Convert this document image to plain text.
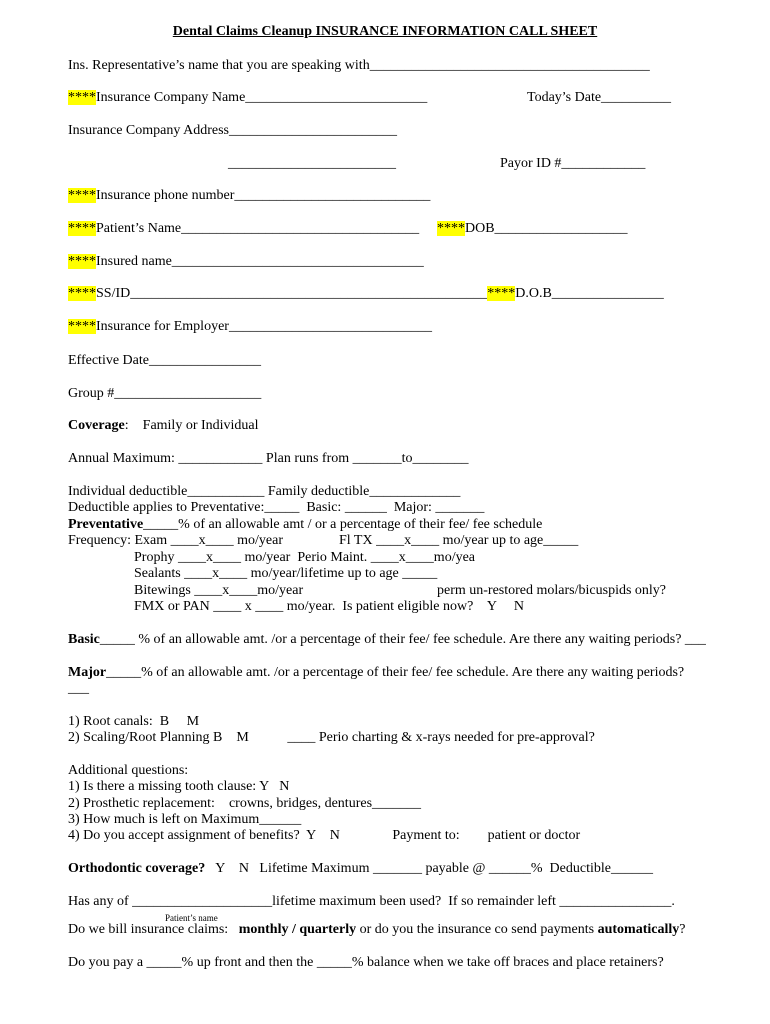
Dental Claims Cleanup INSURANCE INFORMATION CALL SHEET
Ins. Representative’s name that you are speaking with________________________________________
****Insurance Company Name__________________________	Today’s Date__________
Insurance Company Address________________________
________________________	Payor ID #____________
****Insurance phone number____________________________
****Patient’s Name__________________________________ ****DOB___________________
****Insured name____________________________________
****SS/ID___________________________________________________****D.O.B________________
****Insurance for Employer_____________________________
Effective Date________________
Group #_____________________
Coverage:    Family or Individual
Annual Maximum: ____________ Plan runs from _______to________
Individual deductible___________ Family deductible_____________
Deductible applies to Preventative:_____  Basic: ______  Major: _______
Preventative_____% of an allowable amt / or a percentage of their fee/ fee schedule
Frequency: Exam ____x____ mo/year                Fl TX ____x____ mo/year up to age_____
Prophy ____x____ mo/year  Perio Maint. ____x____mo/yea
Sealants ____x____ mo/year/lifetime up to age _____
Bitewings ____x____mo/year	perm un-restored molars/bicuspids only?
FMX or PAN ____ x ____ mo/year.  Is patient eligible now?    Y     N
Basic_____ % of an allowable amt. /or a percentage of their fee/ fee schedule. Are there any waiting periods? ___
Major_____% of an allowable amt. /or a percentage of their fee/ fee schedule. Are there any waiting periods?
___
1) Root canals:  B     M
2) Scaling/Root Planning B    M           ____ Perio charting & x-rays needed for pre-approval?
Additional questions:
1) Is there a missing tooth clause: Y   N
2) Prosthetic replacement:    crowns, bridges, dentures_______
3) How much is left on Maximum______
4) Do you accept assignment of benefits?  Y    N               Payment to:        patient or doctor
Orthodontic coverage?   Y    N   Lifetime Maximum _______ payable @ ______%  Deductible______
Has any of ____________________lifetime maximum been used?  If so remainder left ________________.
Patient’s name
Do we bill insurance claims:   monthly / quarterly or do you the insurance co send payments automatically?
Do you pay a _____% up front and then the _____% balance when we take off braces and place retainers?
